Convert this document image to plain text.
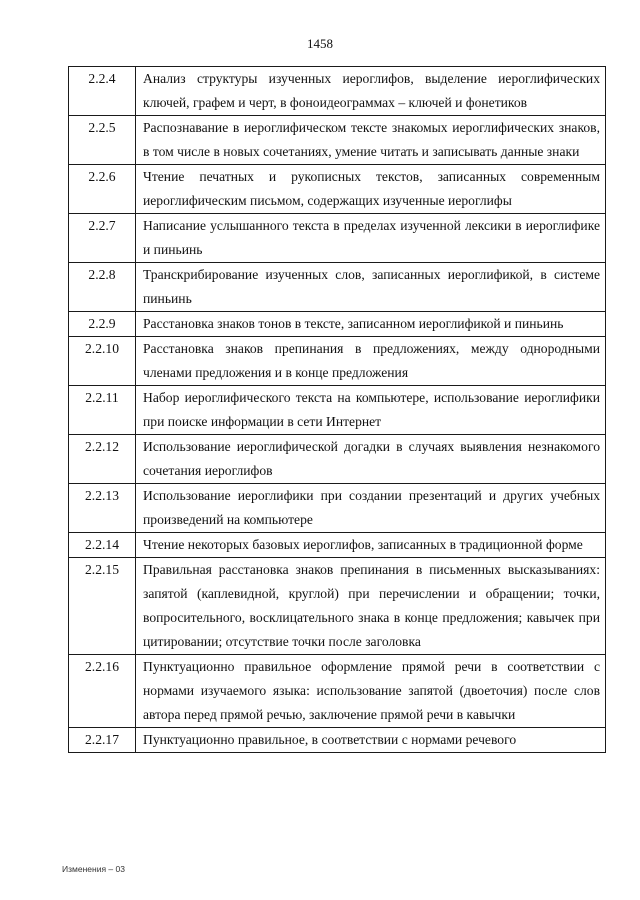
1458
2.2.4	Анализ структуры изученных иероглифов, выделение иероглифических ключей, графем и черт, в фоноидеограммах – ключей и фонетиков
2.2.5	Распознавание в иероглифическом тексте знакомых иероглифических знаков, в том числе в новых сочетаниях, умение читать и записывать данные знаки
2.2.6	Чтение печатных и рукописных текстов, записанных современным иероглифическим письмом, содержащих изученные иероглифы
2.2.7	Написание услышанного текста в пределах изученной лексики в иероглифике и пиньинь
2.2.8	Транскрибирование изученных слов, записанных иероглификой, в системе пиньинь
2.2.9	Расстановка знаков тонов в тексте, записанном иероглификой и пиньинь
2.2.10	Расстановка знаков препинания в предложениях, между однородными членами предложения и в конце предложения
2.2.11	Набор иероглифического текста на компьютере, использование иероглифики при поиске информации в сети Интернет
2.2.12	Использование иероглифической догадки в случаях выявления незнакомого сочетания иероглифов
2.2.13	Использование иероглифики при создании презентаций и других учебных произведений на компьютере
2.2.14	Чтение некоторых базовых иероглифов, записанных в традиционной форме
2.2.15	Правильная расстановка знаков препинания в письменных высказываниях: запятой (каплевидной, круглой) при перечислении и обращении; точки, вопросительного, восклицательного знака в конце предложения; кавычек при цитировании; отсутствие точки после заголовка
2.2.16	Пунктуационно правильное оформление прямой речи в соответствии с нормами изучаемого языка: использование запятой (двоеточия) после слов автора перед прямой речью, заключение прямой речи в кавычки
2.2.17	Пунктуационно правильное, в соответствии с нормами речевого
Изменения – 03
